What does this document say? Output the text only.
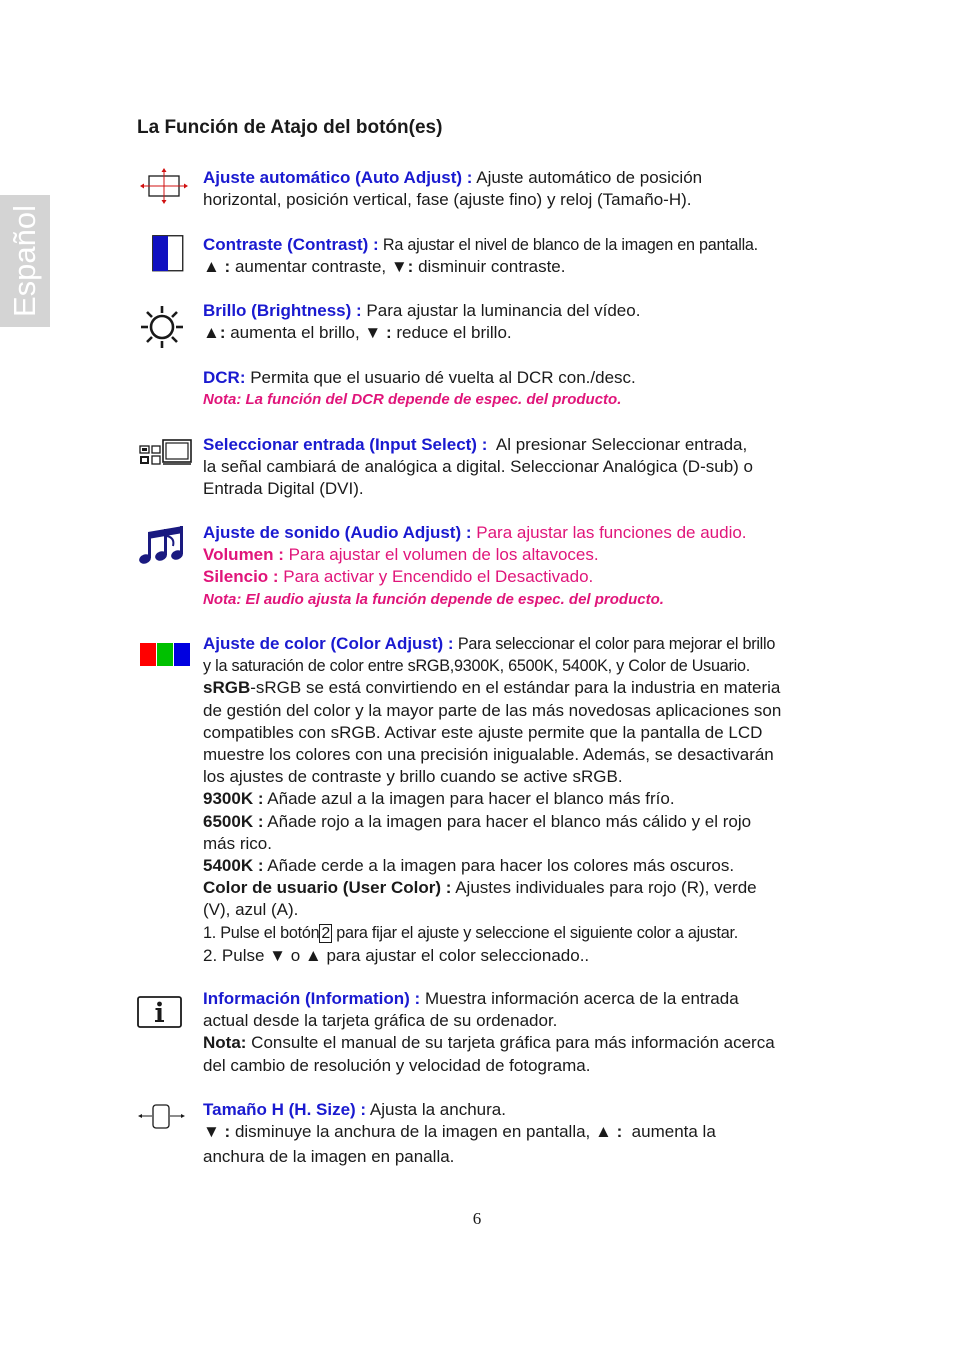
Español
La Función de Atajo del botón(es)
Ajuste automático (Auto Adjust) : Ajuste automático de posición
horizontal, posición vertical, fase (ajuste fino) y reloj (Tamaño-H).
Contraste (Contrast) : Ra ajustar el nivel de blanco de la imagen en pantalla.
▲ : aumentar contraste, ▼: disminuir contraste.
Brillo (Brightness) : Para ajustar la luminancia del vídeo.
▲: aumenta el brillo, ▼ : reduce el brillo.
DCR: Permita que el usuario dé vuelta al DCR con./desc.
Nota: La función del DCR depende de espec. del producto.
Seleccionar entrada (Input Select) :  Al presionar Seleccionar entrada,
la señal cambiará de analógica a digital. Seleccionar Analógica (D-sub) o
Entrada Digital (DVI).
Ajuste de sonido (Audio Adjust) : Para ajustar las funciones de audio.
Volumen : Para ajustar el volumen de los altavoces.
Silencio : Para activar y Encendido el Desactivado.
Nota: El audio ajusta la función depende de espec. del producto.
Ajuste de color (Color Adjust) : Para seleccionar el color para mejorar el brillo
y la saturación de color entre sRGB,9300K, 6500K, 5400K, y Color de Usuario.
sRGB-sRGB se está convirtiendo en el estándar para la industria en materia
de gestión del color y la mayor parte de las más novedosas aplicaciones son
compatibles con sRGB. Activar este ajuste permite que la pantalla de LCD
muestre los colores con una precisión inigualable. Además, se desactivarán
los ajustes de contraste y brillo cuando se active sRGB.
9300K : Añade azul a la imagen para hacer el blanco más frío.
6500K : Añade rojo a la imagen para hacer el blanco más cálido y el rojo
más rico.
5400K : Añade cerde a la imagen para hacer los colores más oscuros.
Color de usuario (User Color) : Ajustes individuales para rojo (R), verde
(V), azul (A).
1. Pulse el botón 2 para fijar el ajuste y seleccione el siguiente color a ajustar.
2. Pulse ▼ o ▲ para ajustar el color seleccionado..
Información (Information) : Muestra información acerca de la entrada
actual desde la tarjeta gráfica de su ordenador.
Nota: Consulte el manual de su tarjeta gráfica para más información acerca
del cambio de resolución y velocidad de fotograma.
Tamaño H (H. Size) : Ajusta la anchura.
▼ : disminuye la anchura de la imagen en pantalla, ▲ :  aumenta la
anchura de la imagen en panalla.
6
